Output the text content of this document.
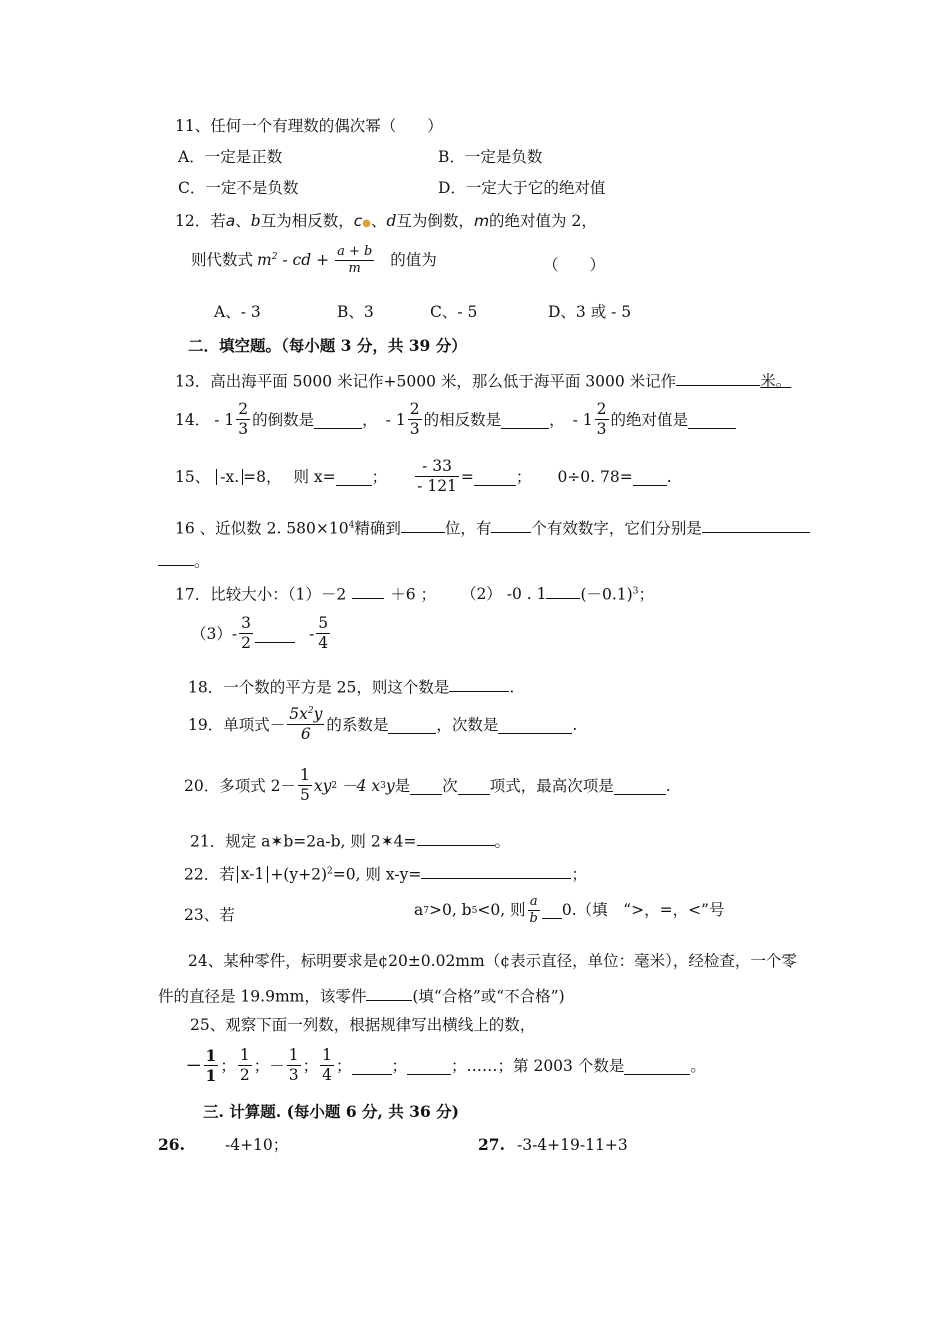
11、任何一个有理数的偶次幂（　　）
A．一定是正数	B．一定是负数
C．一定不是负数	D．一定大于它的绝对值
12．若a、b互为相反数，c●、d互为倒数，m的绝对值为 2，
则代数式 $m^2$ - cd + $\frac{a + b}{m}$ 的值为	（　　）
A、- 3	B、3	C、- 5	D、3 或 - 5
二．填空题。（每小题 3 分，共 39 分）
13．高出海平面 5000 米记作+5000 米，那么低于海平面 3000 米记作	米。
14． - $1 \frac{2}{3}$ 的倒数是	， - $1 \frac{2}{3}$ 的相反数是	， - $1 \frac{2}{3}$ 的绝对值是
15、 -x. =8， 则 x= ； $\frac{- 33}{- 121}$ =	； 0÷0. 78= .
16 、近似数 2. $580\times 10^4$精确到	位，有	个有效数字，它们分别是
。
17．比较大小：（1）－2	＋6 ； （2） -0 . 1 $(-0.1)^3$；
$(3)- \frac{3}{2}$	- $\frac{5}{4}$
18．一个数的平方是 25，则这个数是	.
19．单项式－ $\frac{5x^2y}{6}$ 的系数是	，次数是	.
20．多项式 $2- \frac{1}{5}$ xy 2 －4 x 3 y 是 次 项式，最高次项是	.
21．规定 a✶b=2a-b, 则 2✶4=	。
22．若 $x-1 +(y+2)^2=0$, 则 x-y=	；
23、若	a 7 >0, b 5 <0, 则 $\frac{a}{b} 0$.（填　“>，=，<”号
24、某种零件，标明要求是¢20±0.02mm（¢表示直径，单位：毫米），经检查，一个零
件的直径是 19.9mm，该零件	(填“合格”或“不合格”)
25、观察下面一列数，根据规律写出横线上的数，
－ $\frac{1}{1}$ ； $\frac{1}{2}$ ；－ $\frac{1}{3}$ ； $\frac{1}{4}$ ；	；	； ……；第 2003 个数是	。
三. 计算题. (每小题 6 分, 共 36 分)
26.	-4+10；	27. -3-4+19-11+3
